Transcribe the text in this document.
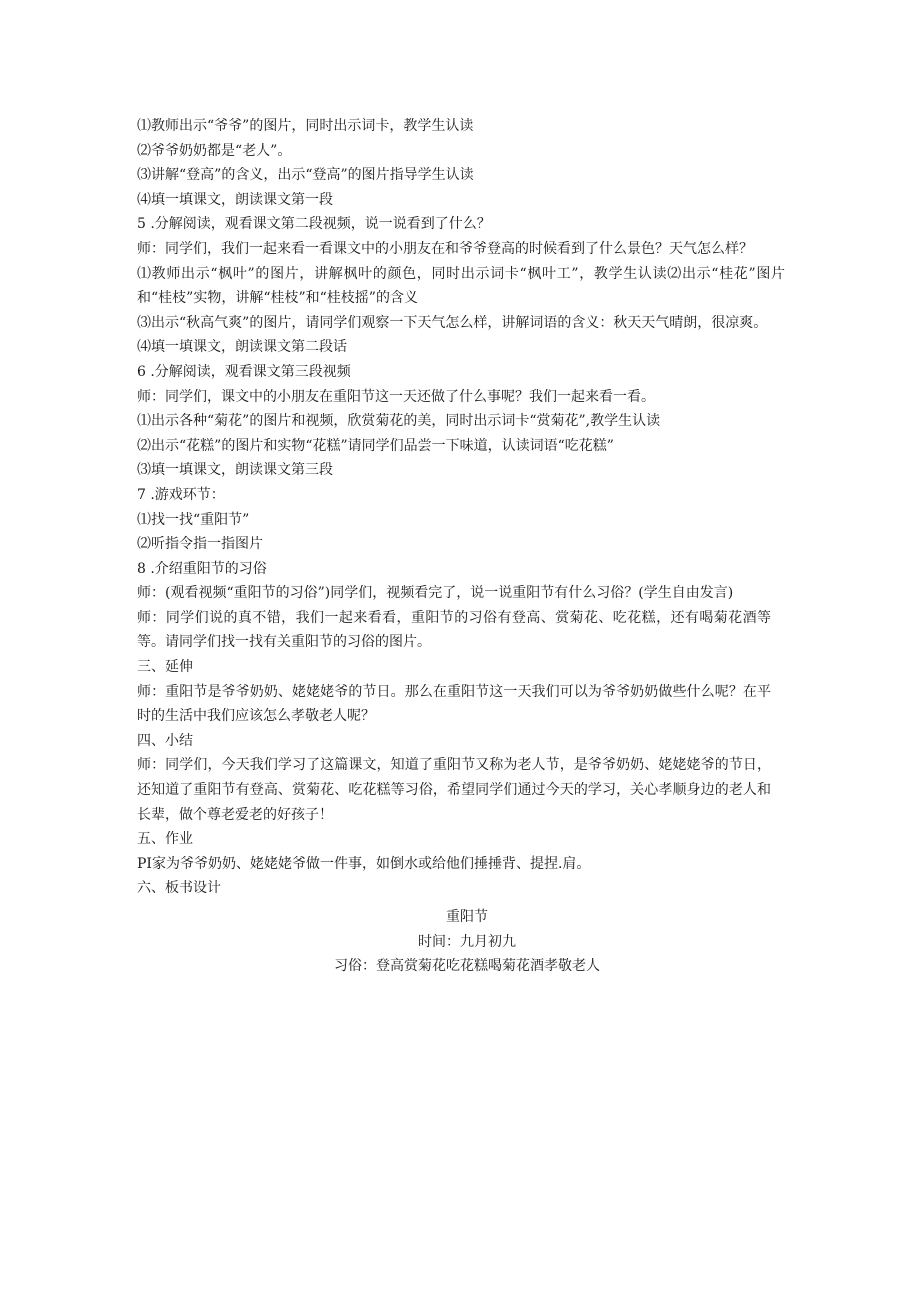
⑴教师出示“爷爷”的图片，同时出示词卡，教学生认读

⑵爷爷奶奶都是“老人”。

⑶讲解“登高”的含义，出示“登高”的图片指导学生认读

⑷填一填课文，朗读课文第一段

5 .分解阅读，观看课文第二段视频，说一说看到了什么？

师：同学们，我们一起来看一看课文中的小朋友在和爷爷登高的时候看到了什么景色？天气怎么样？

⑴教师出示“枫叶”的图片，讲解枫叶的颜色，同时出示词卡“枫叶工”，教学生认读⑵出示“桂花”图片和“桂枝”实物，讲解“桂枝”和“桂枝摇”的含义

⑶出示“秋高气爽”的图片，请同学们观察一下天气怎么样，讲解词语的含义：秋天天气晴朗，很凉爽。

⑷填一填课文，朗读课文第二段话

6 .分解阅读，观看课文第三段视频

师：同学们，课文中的小朋友在重阳节这一天还做了什么事呢？我们一起来看一看。

⑴出示各种“菊花”的图片和视频，欣赏菊花的美，同时出示词卡“赏菊花”,教学生认读

⑵出示“花糕”的图片和实物“花糕”请同学们品尝一下味道，认读词语“吃花糕”

⑶填一填课文，朗读课文第三段

7 .游戏环节：

⑴找一找“重阳节”

⑵听指令指一指图片

8 .介绍重阳节的习俗

师：(观看视频“重阳节的习俗”)同学们，视频看完了，说一说重阳节有什么习俗？(学生自由发言)

师：同学们说的真不错，我们一起来看看，重阳节的习俗有登高、赏菊花、吃花糕，还有喝菊花酒等等。请同学们找一找有关重阳节的习俗的图片。

三、延伸

师：重阳节是爷爷奶奶、姥姥姥爷的节日。那么在重阳节这一天我们可以为爷爷奶奶做些什么呢？在平时的生活中我们应该怎么孝敬老人呢？

四、小结

师：同学们，今天我们学习了这篇课文，知道了重阳节又称为老人节，是爷爷奶奶、姥姥姥爷的节日，还知道了重阳节有登高、赏菊花、吃花糕等习俗，希望同学们通过今天的学习，关心孝顺身边的老人和长辈，做个尊老爱老的好孩子！

五、作业

PI家为爷爷奶奶、姥姥姥爷做一件事，如倒水或给他们捶捶背、提捏.肩。

六、板书设计

重阳节

时间：九月初九

习俗：登高赏菊花吃花糕喝菊花酒孝敬老人
